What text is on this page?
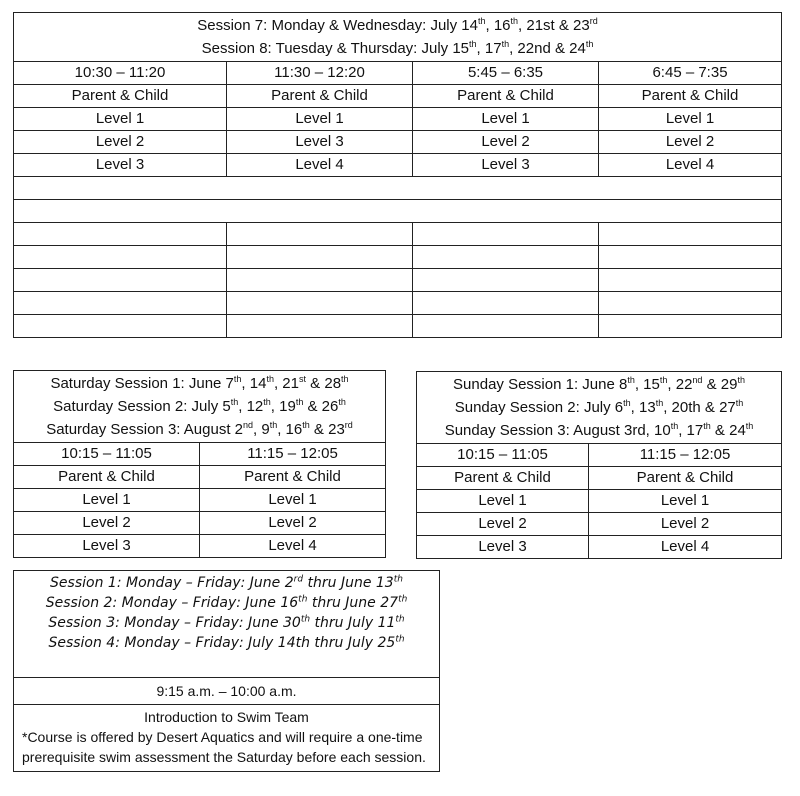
Session 7: Monday & Wednesday: July 14th, 16th, 21st & 23rd
Session 8: Tuesday & Thursday: July 15th, 17th, 22nd & 24th

10:30 – 11:20	11:30 – 12:20	5:45 – 6:35	6:45 – 7:35
Parent & Child	Parent & Child	Parent & Child	Parent & Child
Level 1	Level 1	Level 1	Level 1
Level 2	Level 3	Level 2	Level 2
Level 3	Level 4	Level 3	Level 4

Saturday Session 1: June 7th, 14th, 21st & 28th
Saturday Session 2: July 5th, 12th, 19th & 26th
Saturday Session 3: August 2nd, 9th, 16th & 23rd

10:15 – 11:05	11:15 – 12:05
Parent & Child	Parent & Child
Level 1	Level 1
Level 2	Level 2
Level 3	Level 4
Sunday Session 1: June 8th, 15th, 22nd & 29th
Sunday Session 2: July 6th, 13th, 20th & 27th
Sunday Session 3: August 3rd, 10th, 17th & 24th

10:15 – 11:05	11:15 – 12:05
Parent & Child	Parent & Child
Level 1	Level 1
Level 2	Level 2
Level 3	Level 4
Session 1: Monday – Friday: June 2rd thru June 13th
Session 2: Monday – Friday: June 16th thru June 27th
Session 3: Monday – Friday: June 30th thru July 11th
Session 4: Monday – Friday: July 14th thru July 25th

9:15 a.m. – 10:00 a.m.

Introduction to Swim Team
*Course is offered by Desert Aquatics and will require a one-time prerequisite swim assessment the Saturday before each session.
